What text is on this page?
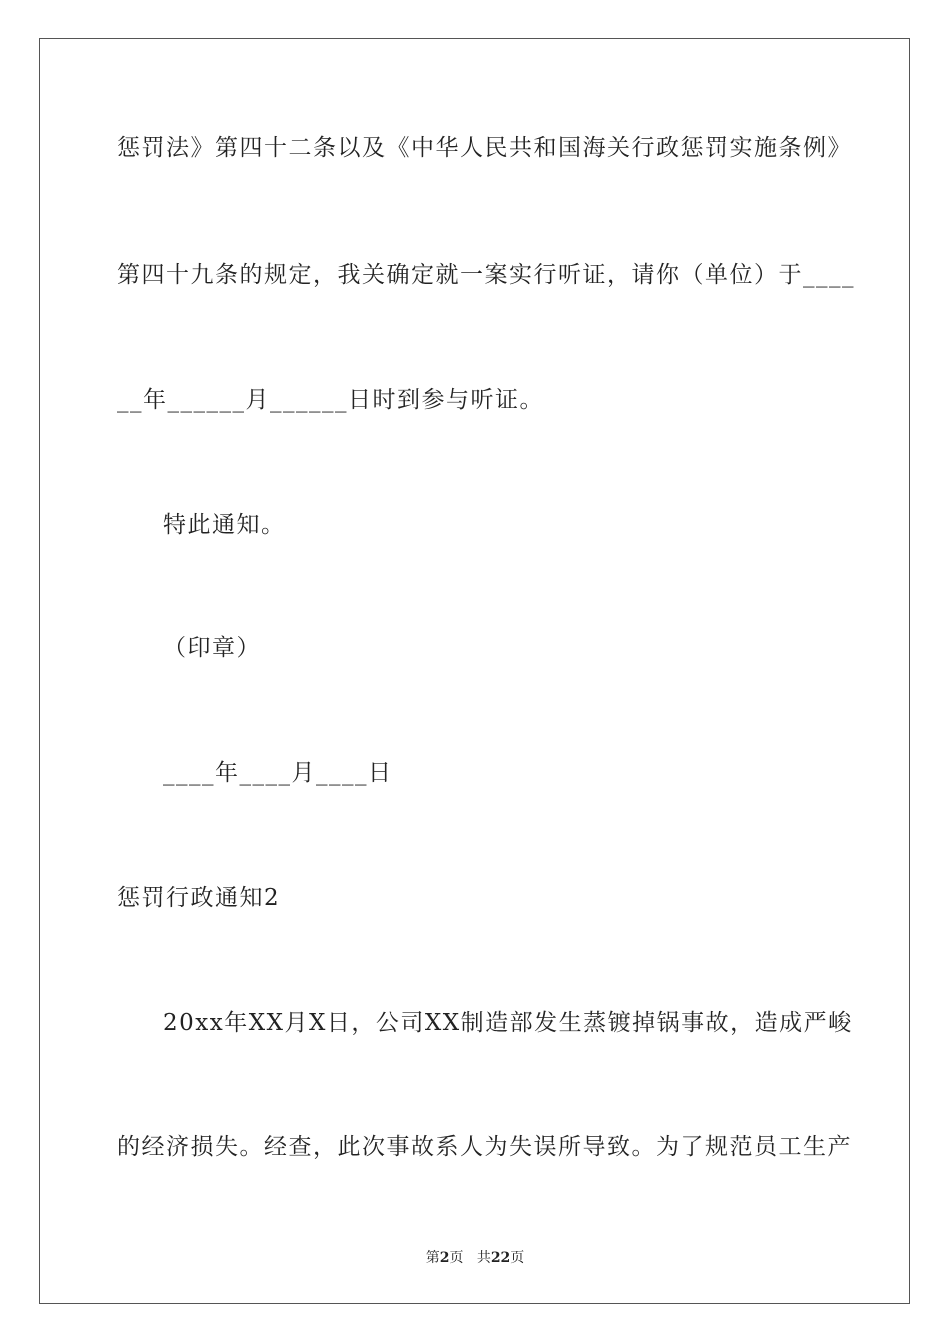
惩罚法》第四十二条以及《中华人民共和国海关行政惩罚实施条例》
第四十九条的规定，我关确定就一案实行听证，请你（单位）于____
__年______月______日时到参与听证。
特此通知。
（印章）
____年____月____日
惩罚行政通知2
20xx年XX月X日，公司XX制造部发生蒸镀掉锅事故，造成严峻
的经济损失。经查，此次事故系人为失误所导致。为了规范员工生产
第2页 共22页
